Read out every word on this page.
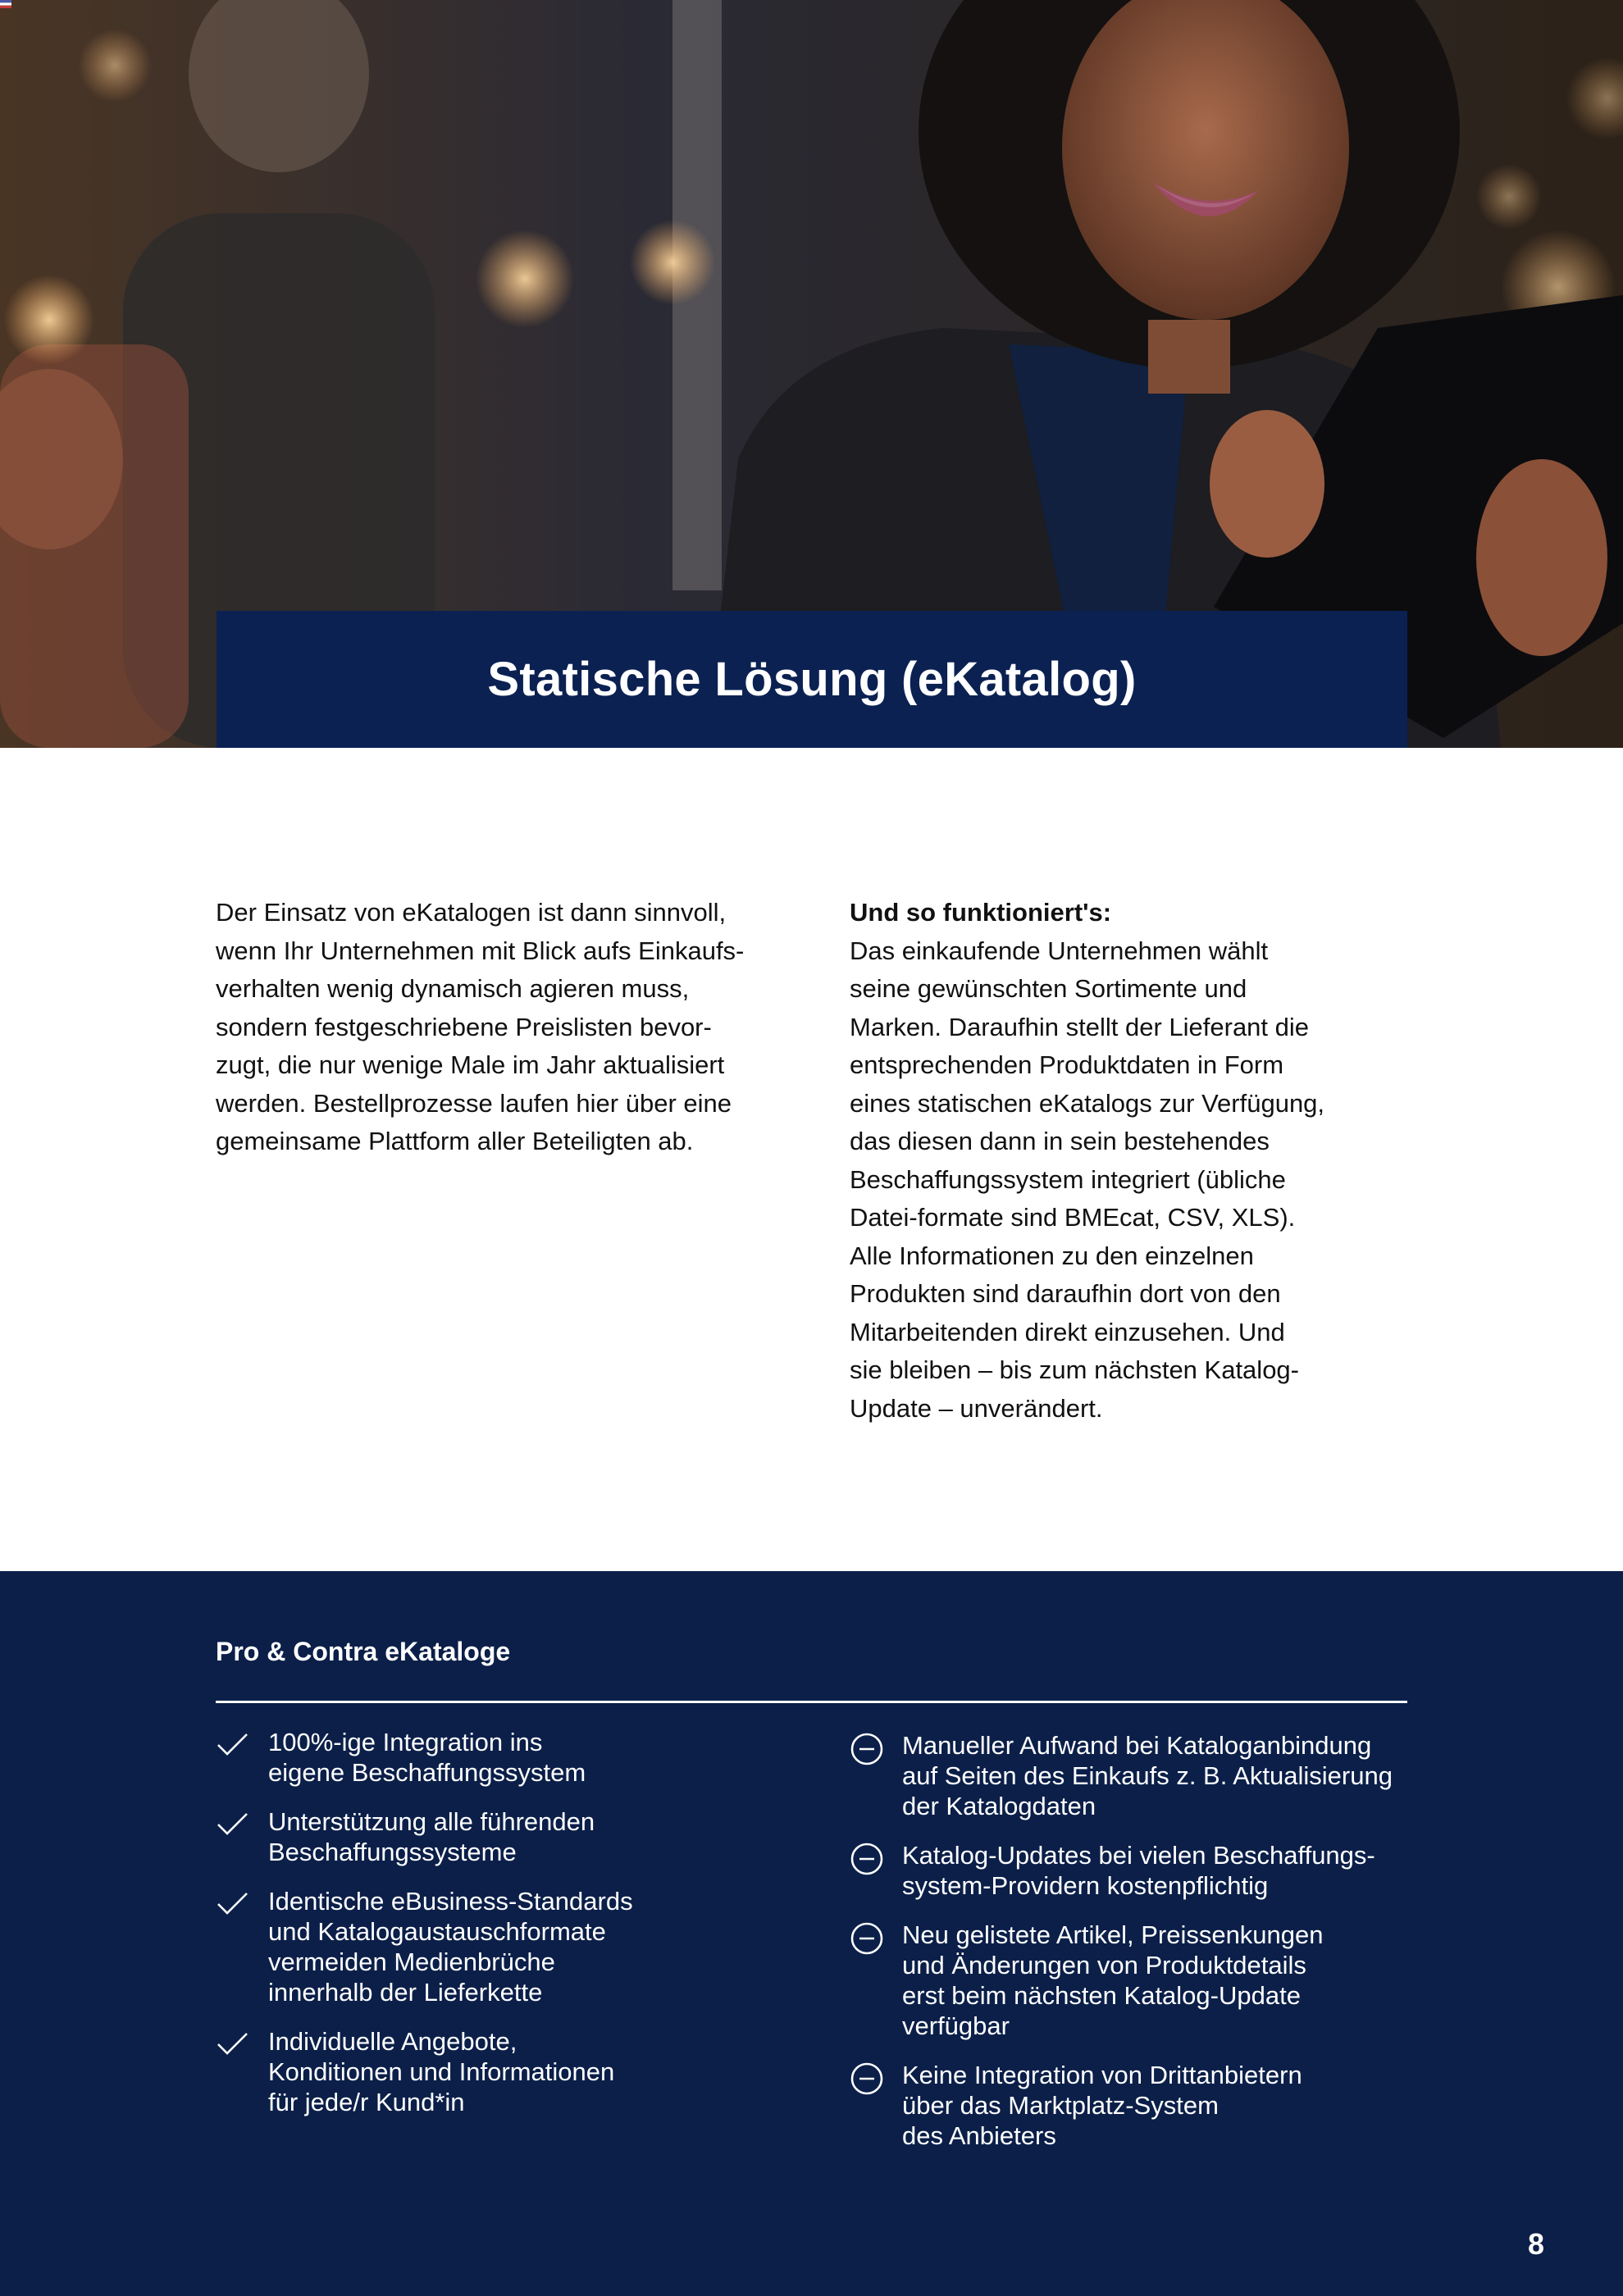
Statische Lösung (eKatalog)

Der Einsatz von eKatalogen ist dann sinnvoll,

wenn Ihr Unternehmen mit Blick aufs Einkaufs-

verhalten wenig dynamisch agieren muss,

sondern festgeschriebene Preislisten bevor-

zugt, die nur wenige Male im Jahr aktualisiert

werden. Bestellprozesse laufen hier über eine

gemeinsame Plattform aller Beteiligten ab.

Und so funktioniert's:

Das einkaufende Unternehmen wählt

seine gewünschten Sortimente und

Marken. Daraufhin stellt der Lieferant die

entsprechenden Produktdaten in Form

eines statischen eKatalogs zur Verfügung,

das diesen dann in sein bestehendes

Beschaffungssystem integriert (übliche

Datei-formate sind BMEcat, CSV, XLS).

Alle Informationen zu den einzelnen

Produkten sind daraufhin dort von den

Mitarbeitenden direkt einzusehen. Und

sie bleiben – bis zum nächsten Katalog-

Update – unverändert.

Pro & Contra eKataloge
100%-ige Integration ins
eigene Beschaffungssystem
Unterstützung alle führenden
Beschaffungssysteme
Identische eBusiness-Standards
und Katalogaustauschformate
vermeiden Medienbrüche
innerhalb der Lieferkette
Individuelle Angebote,
Konditionen und Informationen
für jede/r Kund*in
Manueller Aufwand bei Kataloganbindung
auf Seiten des Einkaufs z. B. Aktualisierung
der Katalogdaten
Katalog-Updates bei vielen Beschaffungs-
system-Providern kostenpflichtig
Neu gelistete Artikel, Preissenkungen
und Änderungen von Produktdetails
erst beim nächsten Katalog-Update
verfügbar
Keine Integration von Drittanbietern
über das Marktplatz-System
des Anbieters
8
